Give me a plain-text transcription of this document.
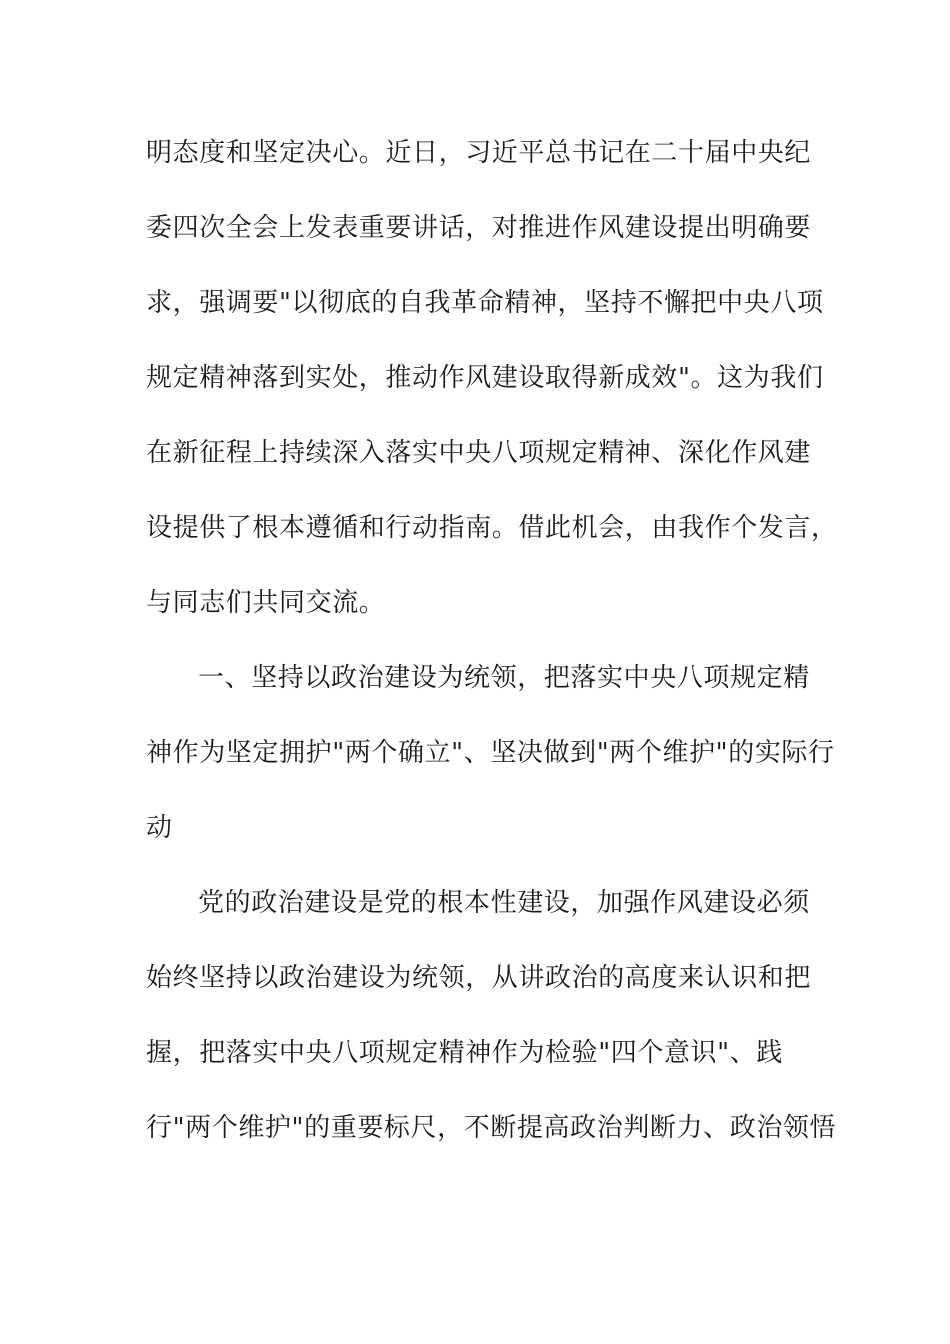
明态度和坚定决心。近日，习近平总书记在二十届中央纪
委四次全会上发表重要讲话，对推进作风建设提出明确要
求，强调要"以彻底的自我革命精神，坚持不懈把中央八项
规定精神落到实处，推动作风建设取得新成效"。这为我们
在新征程上持续深入落实中央八项规定精神、深化作风建
设提供了根本遵循和行动指南。借此机会，由我作个发言，
与同志们共同交流。
一、坚持以政治建设为统领，把落实中央八项规定精
神作为坚定拥护"两个确立"、坚决做到"两个维护"的实际行
动
党的政治建设是党的根本性建设，加强作风建设必须
始终坚持以政治建设为统领，从讲政治的高度来认识和把
握，把落实中央八项规定精神作为检验"四个意识"、践
行"两个维护"的重要标尺，不断提高政治判断力、政治领悟
